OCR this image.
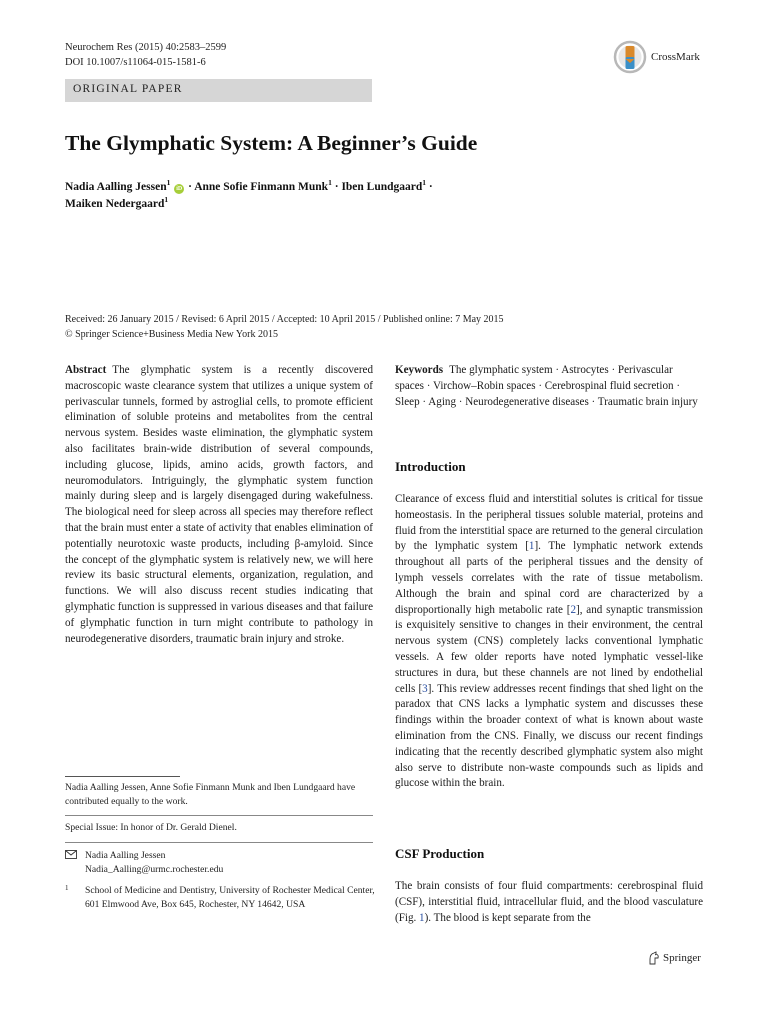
Neurochem Res (2015) 40:2583–2599
DOI 10.1007/s11064-015-1581-6	CrossMark
ORIGINAL PAPER
The Glymphatic System: A Beginner’s Guide
Nadia Aalling Jessen$^1$ iD · Anne Sofie Finmann Munk$^1$ · Iben Lundgaard$^1$ ·
Maiken Nedergaard$^1$
Received: 26 January 2015 / Revised: 6 April 2015 / Accepted: 10 April 2015 / Published online: 7 May 2015
© Springer Science+Business Media New York 2015
Abstract The glymphatic system is a recently discovered macroscopic waste clearance system that utilizes a unique system of perivascular tunnels, formed by astroglial cells, to promote efficient elimination of soluble proteins and metabolites from the central nervous system. Besides waste elimination, the glymphatic system also facilitates brain-wide distribution of several compounds, including glucose, lipids, amino acids, growth factors, and neuromodulators. Intriguingly, the glymphatic system function mainly during sleep and is largely disengaged during wakefulness. The biological need for sleep across all species may therefore reflect that the brain must enter a state of activity that enables elimination of potentially neurotoxic waste products, including β-amyloid. Since the concept of the glymphatic system is relatively new, we will here review its basic structural elements, organization, regulation, and functions. We will also discuss recent studies indicating that glymphatic function is suppressed in various diseases and that failure of glymphatic function in turn might contribute to pathology in neurodegenerative disorders, traumatic brain injury and stroke.
Keywords The glymphatic system · Astrocytes · Perivascular spaces · Virchow–Robin spaces · Cerebrospinal fluid secretion · Sleep · Aging · Neurodegenerative diseases · Traumatic brain injury
Introduction
Clearance of excess fluid and interstitial solutes is critical for tissue homeostasis. In the peripheral tissues soluble material, proteins and fluid from the interstitial space are returned to the general circulation by the lymphatic system [1]. The lymphatic network extends throughout all parts of the peripheral tissues and the density of lymph vessels correlates with the rate of tissue metabolism. Although the brain and spinal cord are characterized by a disproportionally high metabolic rate [2], and synaptic transmission is exquisitely sensitive to changes in their environment, the central nervous system (CNS) completely lacks conventional lymphatic vessels. A few older reports have noted lymphatic vessel-like structures in dura, but these channels are not lined by endothelial cells [3]. This review addresses recent findings that shed light on the paradox that CNS lacks a lymphatic system and discusses these findings within the broader context of what is known about waste elimination from the CNS. Finally, we discuss our recent findings indicating that the recently described glymphatic system also might also serve to distribute non-waste compounds such as lipids and glucose within the brain.
CSF Production
The brain consists of four fluid compartments: cerebrospinal fluid (CSF), interstitial fluid, intracellular fluid, and the blood vasculature (Fig. 1). The blood is kept separate from the
Nadia Aalling Jessen, Anne Sofie Finmann Munk and Iben Lundgaard have contributed equally to the work.
Special Issue: In honor of Dr. Gerald Dienel.
Nadia Aalling Jessen
Nadia_Aalling@urmc.rochester.edu
1 School of Medicine and Dentistry, University of Rochester Medical Center, 601 Elmwood Ave, Box 645, Rochester, NY 14642, USA
Springer
